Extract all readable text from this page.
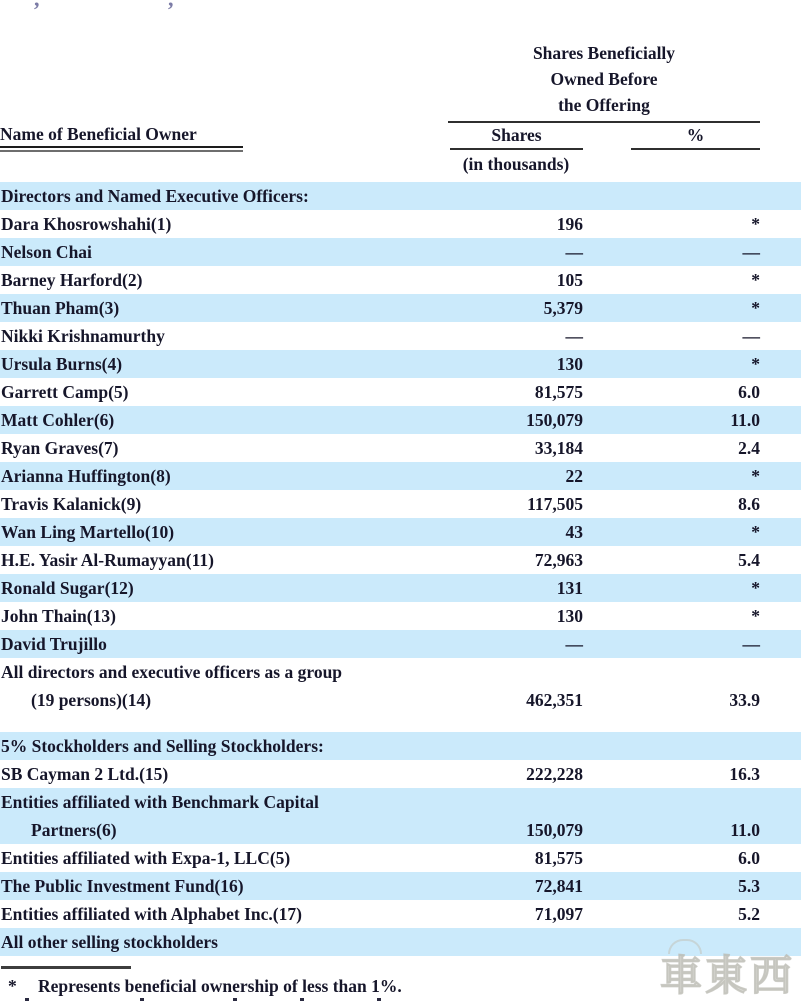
Shares Beneficially
Owned Before
the Offering
Name of Beneficial Owner	Shares	%
(in thousands)
Directors and Named Executive Officers:
Dara Khosrowshahi(1)	196	*
Nelson Chai	—	—
Barney Harford(2)	105	*
Thuan Pham(3)	5,379	*
Nikki Krishnamurthy	—	—
Ursula Burns(4)	130	*
Garrett Camp(5)	81,575	6.0
Matt Cohler(6)	150,079	11.0
Ryan Graves(7)	33,184	2.4
Arianna Huffington(8)	22	*
Travis Kalanick(9)	117,505	8.6
Wan Ling Martello(10)	43	*
H.E. Yasir Al-Rumayyan(11)	72,963	5.4
Ronald Sugar(12)	131	*
John Thain(13)	130	*
David Trujillo	—	—
All directors and executive officers as a group
(19 persons)(14)	462,351	33.9
5% Stockholders and Selling Stockholders:
SB Cayman 2 Ltd.(15)	222,228	16.3
Entities affiliated with Benchmark Capital
Partners(6)	150,079	11.0
Entities affiliated with Expa-1, LLC(5)	81,575	6.0
The Public Investment Fund(16)	72,841	5.3
Entities affiliated with Alphabet Inc.(17)	71,097	5.2
All other selling stockholders
* Represents beneficial ownership of less than 1%.	車東西
